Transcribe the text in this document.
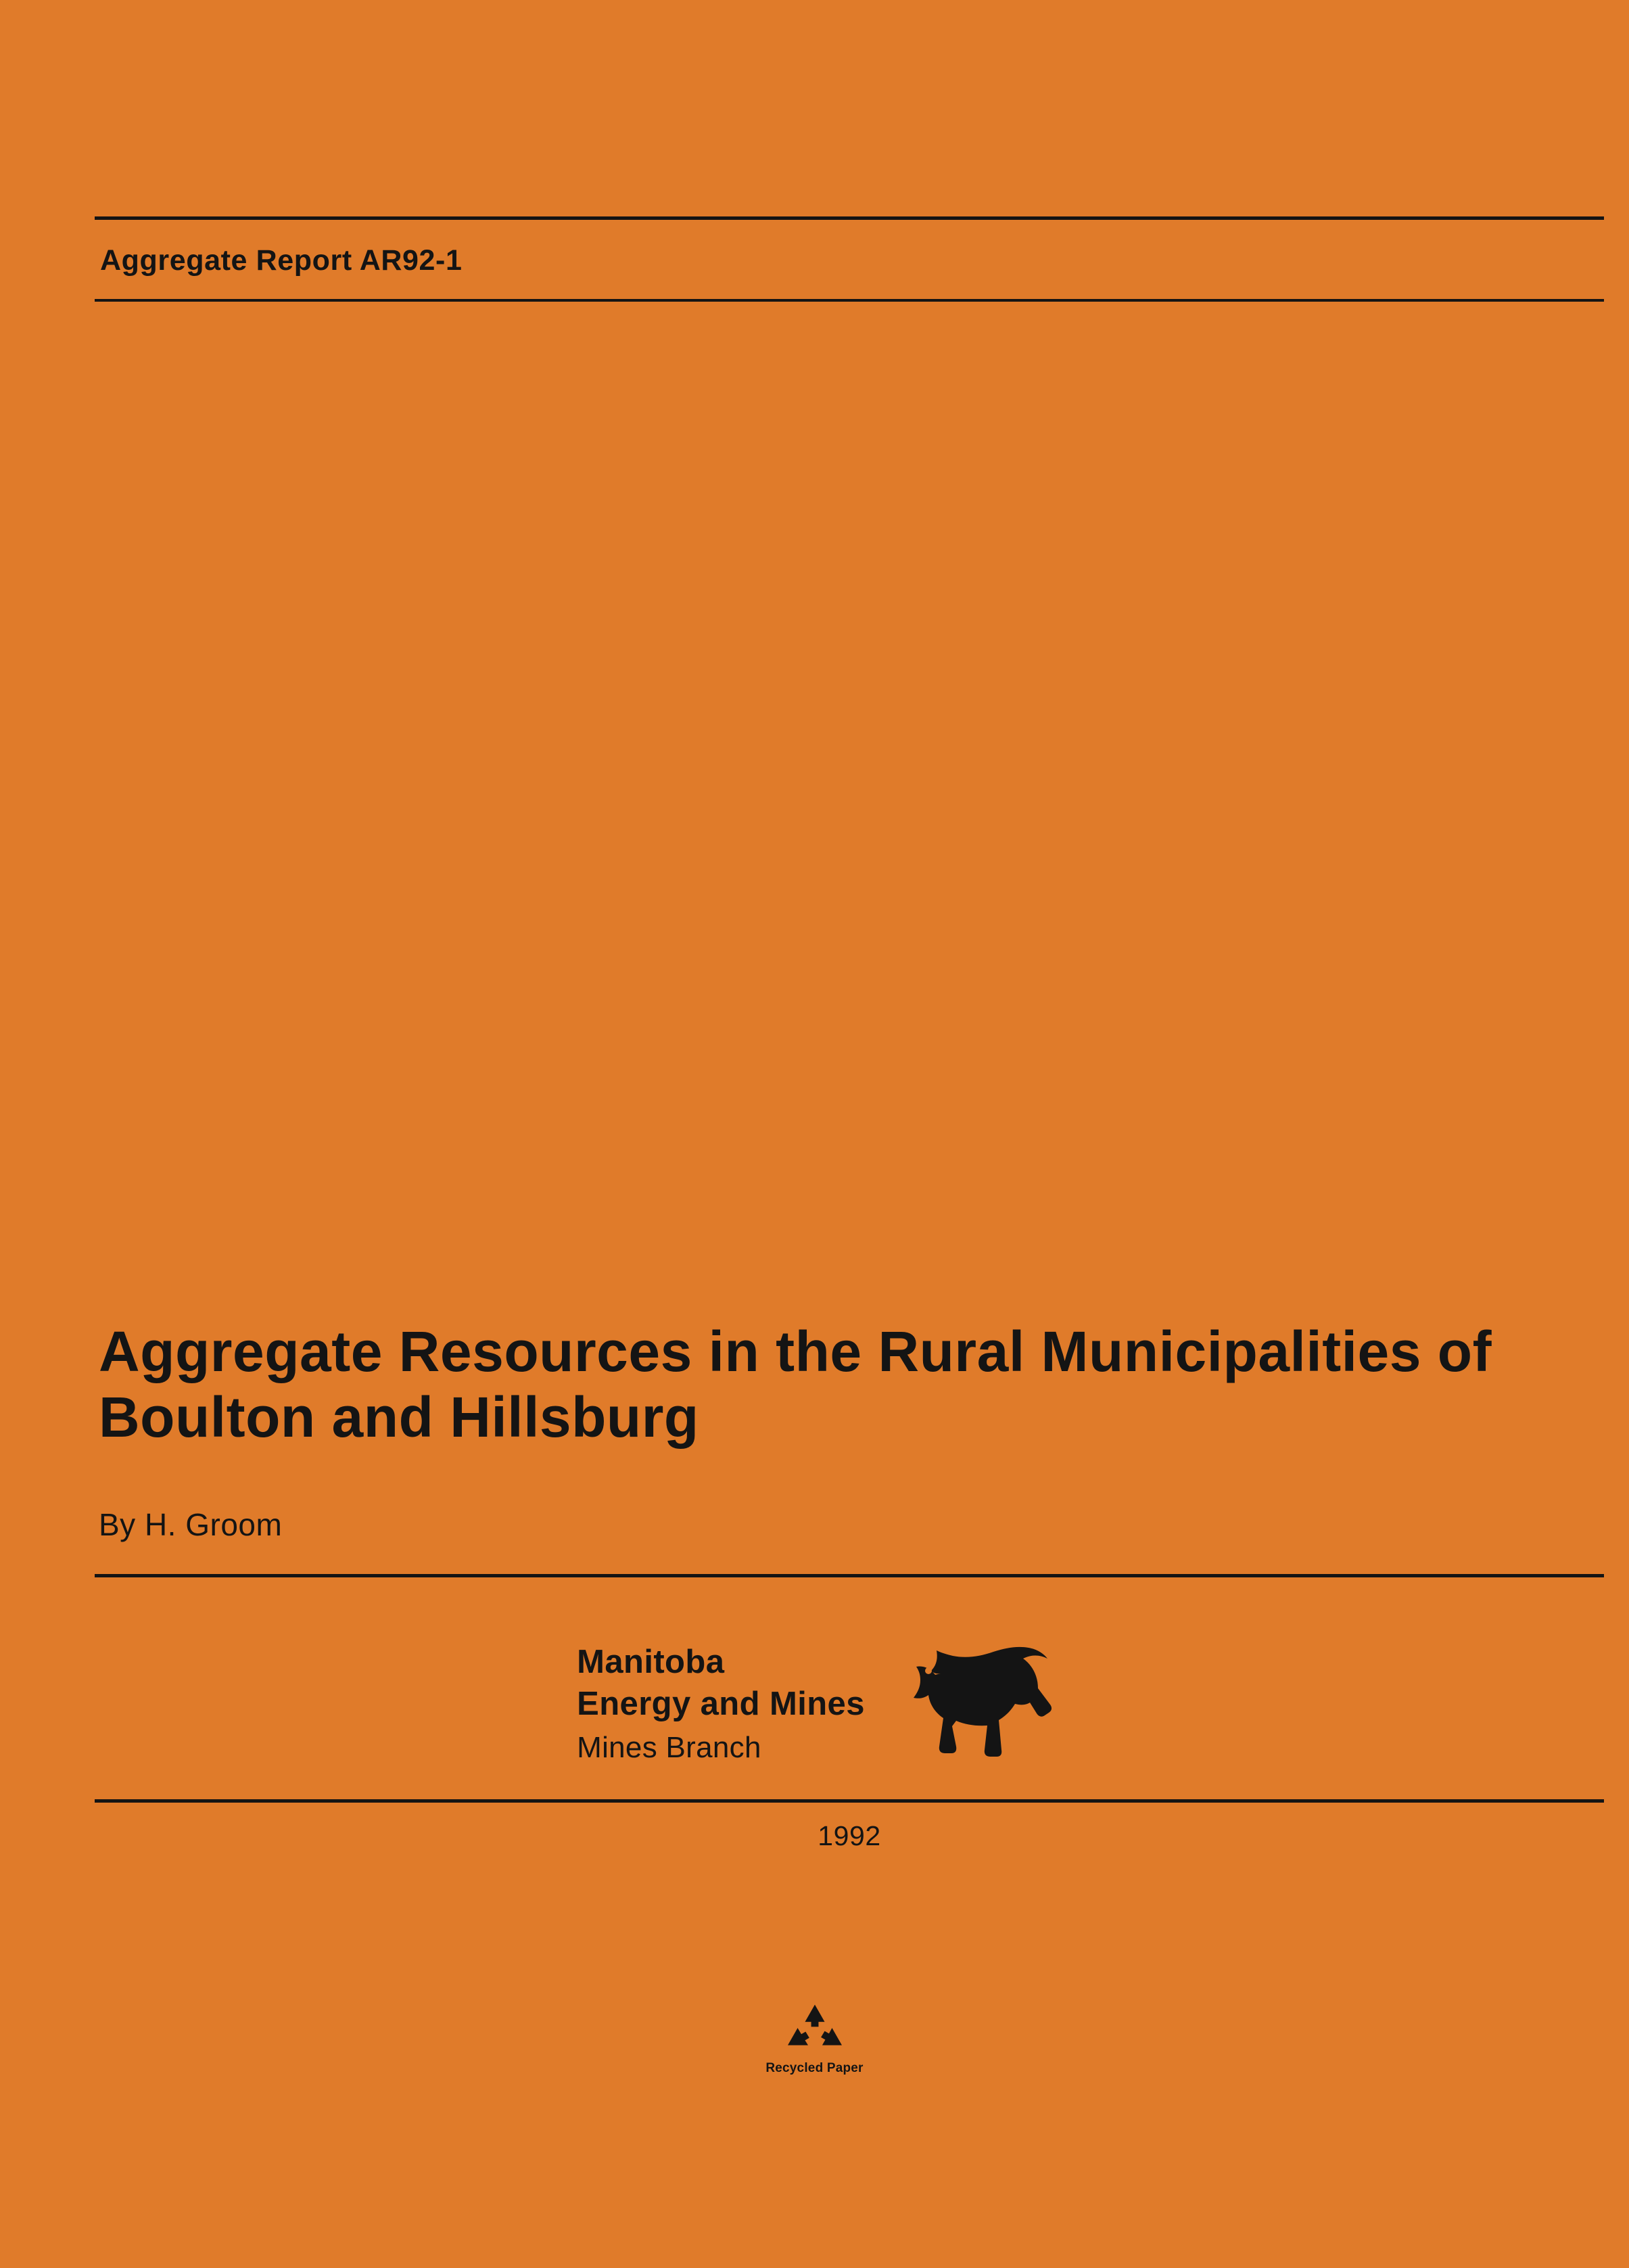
Aggregate Report AR92-1
Aggregate Resources in the Rural Municipalities of Boulton and Hillsburg
By H. Groom
Manitoba
Energy and Mines
Mines Branch
1992
Recycled Paper
